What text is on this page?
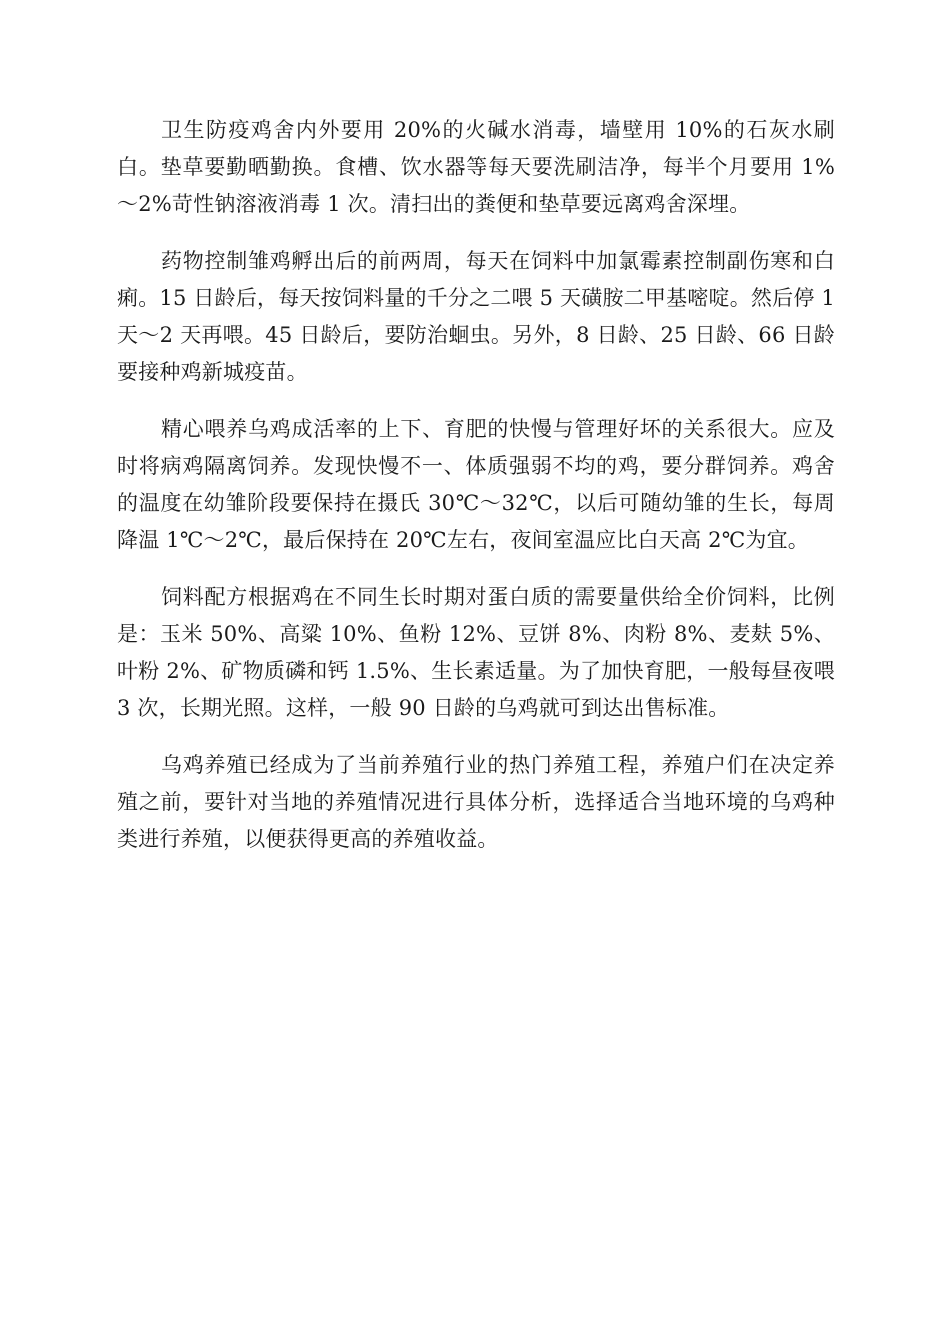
卫生防疫鸡舍内外要用 20%的火碱水消毒，墙壁用 10%的石灰水刷白。垫草要勤晒勤换。食槽、饮水器等每天要洗刷洁净，每半个月要用 1%～2%苛性钠溶液消毒 1 次。清扫出的粪便和垫草要远离鸡舍深埋。

药物控制雏鸡孵出后的前两周，每天在饲料中加氯霉素控制副伤寒和白痢。15 日龄后，每天按饲料量的千分之二喂 5 天磺胺二甲基嘧啶。然后停 1 天～2 天再喂。45 日龄后，要防治蛔虫。另外，8 日龄、25 日龄、66 日龄要接种鸡新城疫苗。

精心喂养乌鸡成活率的上下、育肥的快慢与管理好坏的关系很大。应及时将病鸡隔离饲养。发现快慢不一、体质强弱不均的鸡，要分群饲养。鸡舍的温度在幼雏阶段要保持在摄氏 30℃～32℃，以后可随幼雏的生长，每周降温 1℃～2℃，最后保持在 20℃左右，夜间室温应比白天高 2℃为宜。

饲料配方根据鸡在不同生长时期对蛋白质的需要量供给全价饲料，比例是：玉米 50%、高粱 10%、鱼粉 12%、豆饼 8%、肉粉 8%、麦麸 5%、叶粉 2%、矿物质磷和钙 1.5%、生长素适量。为了加快育肥，一般每昼夜喂 3 次，长期光照。这样，一般 90 日龄的乌鸡就可到达出售标准。

乌鸡养殖已经成为了当前养殖行业的热门养殖工程，养殖户们在决定养殖之前，要针对当地的养殖情况进行具体分析，选择适合当地环境的乌鸡种类进行养殖，以便获得更高的养殖收益。
